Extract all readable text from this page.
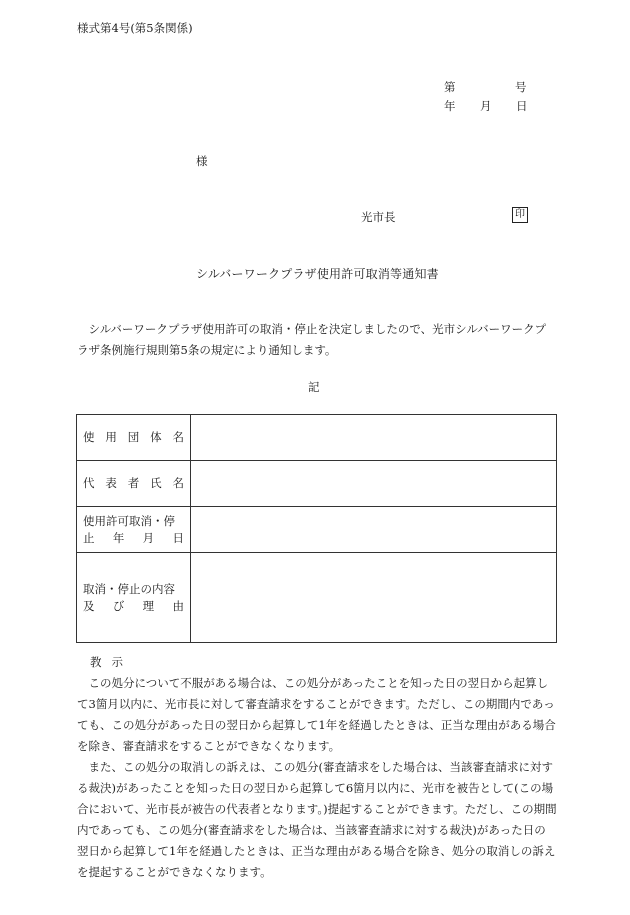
様式第4号(第5条関係)
第	号
年 月 日
様
光市長	印
シルバーワークプラザ使用許可取消等通知書

シルバーワークプラザ使用許可の取消・停止を決定しましたので、光市シルバーワークプラザ条例施行規則第5条の規定により通知します。

記
使 用 団 体 名	

代 表 者 氏 名	

使用許可取消・停
止 年 月 日	

取消・停止の内容
及 び 理 由	

教示

この処分について不服がある場合は、この処分があったことを知った日の翌日から起算して3箇月以内に、光市長に対して審査請求をすることができます。ただし、この期間内であっても、この処分があった日の翌日から起算して1年を経過したときは、正当な理由がある場合を除き、審査請求をすることができなくなります。

また、この処分の取消しの訴えは、この処分(審査請求をした場合は、当該審査請求に対する裁決)があったことを知った日の翌日から起算して6箇月以内に、光市を被告として(この場合において、光市長が被告の代表者となります。)提起することができます。ただし、この期間内であっても、この処分(審査請求をした場合は、当該審査請求に対する裁決)があった日の翌日から起算して1年を経過したときは、正当な理由がある場合を除き、処分の取消しの訴えを提起することができなくなります。
